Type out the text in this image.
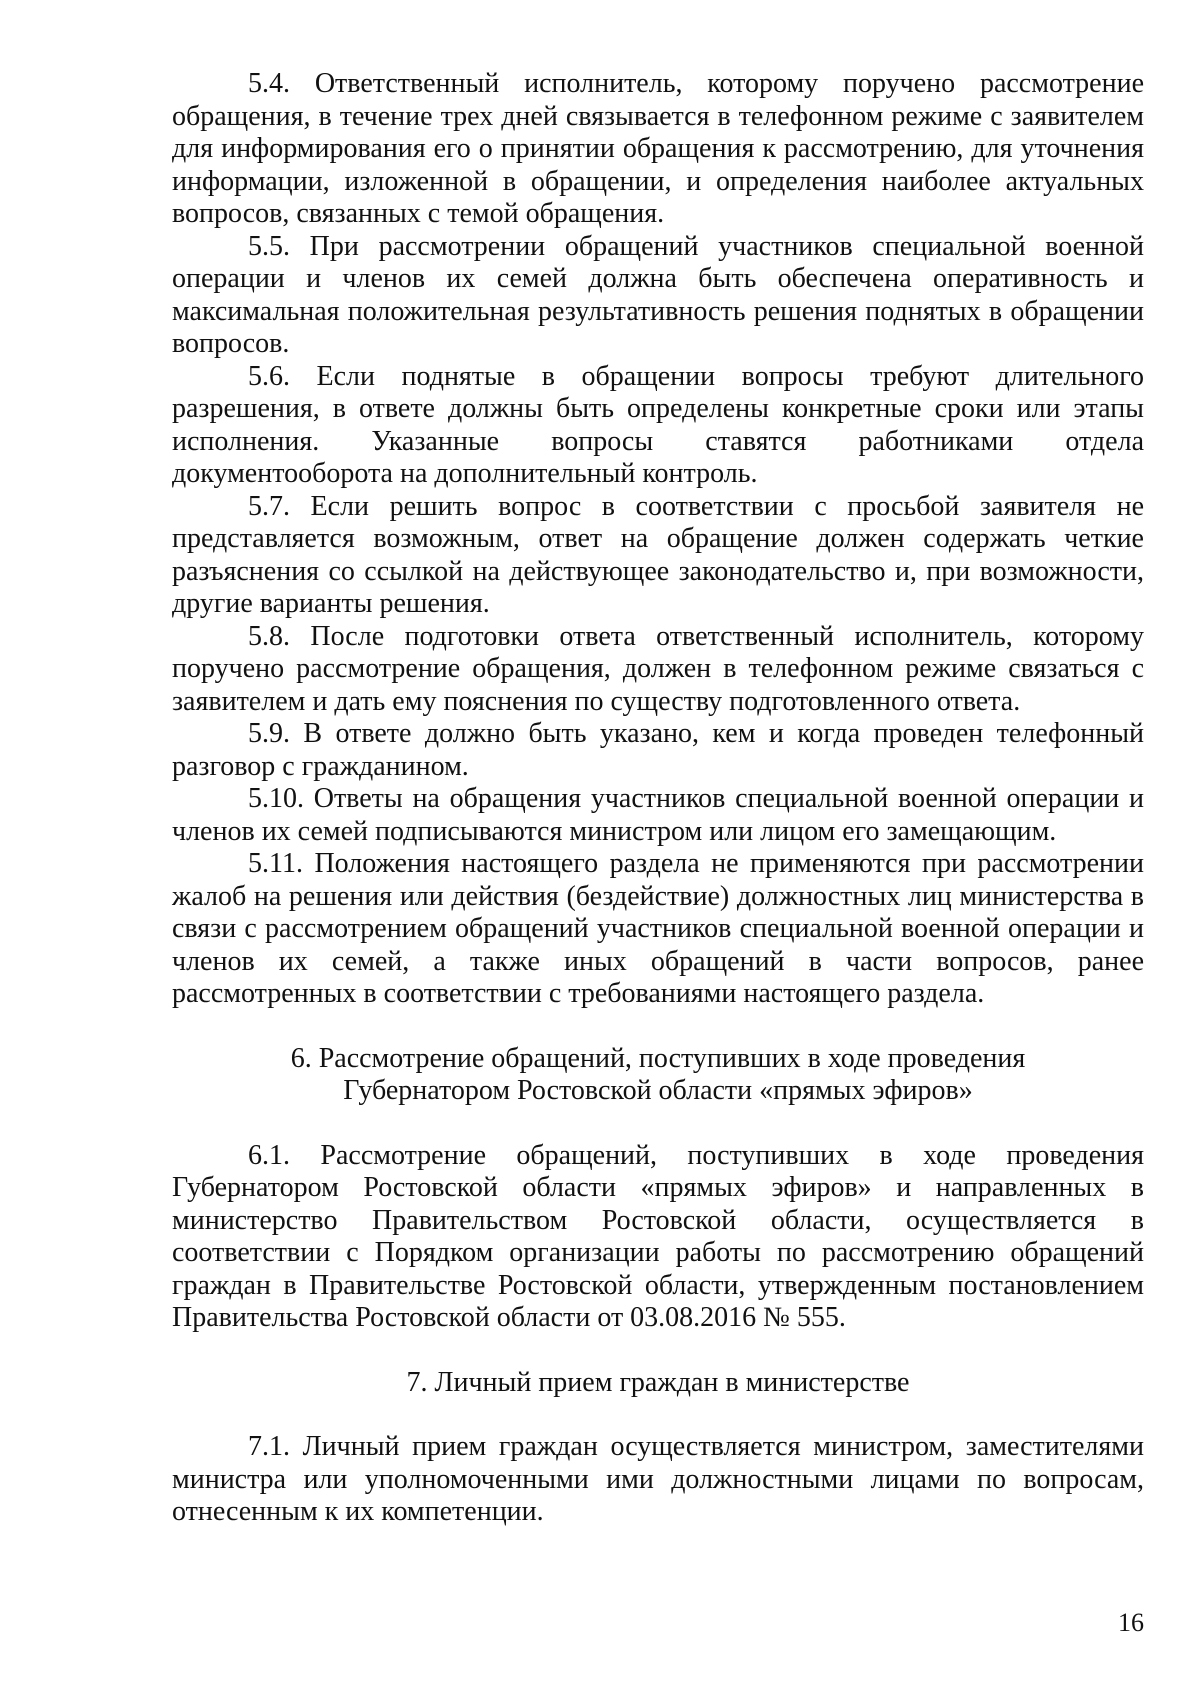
5.4. Ответственный исполнитель, которому поручено рассмотрение обращения, в течение трех дней связывается в телефонном режиме с заявителем для информирования его о принятии обращения к рассмотрению, для уточнения информации, изложенной в обращении, и определения наиболее актуальных вопросов, связанных с темой обращения.

5.5. При рассмотрении обращений участников специальной военной операции и членов их семей должна быть обеспечена оперативность и максимальная положительная результативность решения поднятых в обращении вопросов.

5.6. Если поднятые в обращении вопросы требуют длительного разрешения, в ответе должны быть определены конкретные сроки или этапы исполнения. Указанные вопросы ставятся работниками отдела документооборота на дополнительный контроль.

5.7. Если решить вопрос в соответствии с просьбой заявителя не представляется возможным, ответ на обращение должен содержать четкие разъяснения со ссылкой на действующее законодательство и, при возможности, другие варианты решения.

5.8. После подготовки ответа ответственный исполнитель, которому поручено рассмотрение обращения, должен в телефонном режиме связаться с заявителем и дать ему пояснения по существу подготовленного ответа.

5.9. В ответе должно быть указано, кем и когда проведен телефонный разговор с гражданином.

5.10. Ответы на обращения участников специальной военной операции и членов их семей подписываются министром или лицом его замещающим.

5.11. Положения настоящего раздела не применяются при рассмотрении жалоб на решения или действия (бездействие) должностных лиц министерства в связи с рассмотрением обращений участников специальной военной операции и членов их семей, а также иных обращений в части вопросов, ранее рассмотренных в соответствии с требованиями настоящего раздела.

6. Рассмотрение обращений, поступивших в ходе проведения
Губернатором Ростовской области «прямых эфиров»

6.1. Рассмотрение обращений, поступивших в ходе проведения Губернатором Ростовской области «прямых эфиров» и направленных в министерство Правительством Ростовской области, осуществляется в соответствии с Порядком организации работы по рассмотрению обращений граждан в Правительстве Ростовской области, утвержденным постановлением Правительства Ростовской области от 03.08.2016 № 555.

7. Личный прием граждан в министерстве

7.1. Личный прием граждан осуществляется министром, заместителями министра или уполномоченными ими должностными лицами по вопросам, отнесенным к их компетенции.

16
